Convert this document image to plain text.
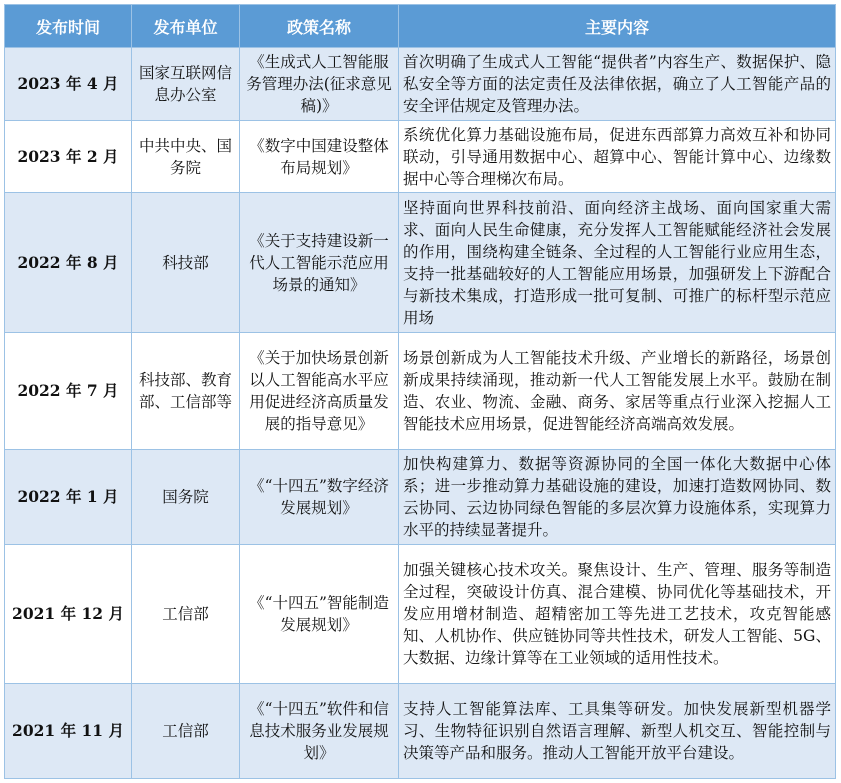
发布时间	发布单位	政策名称	主要内容
2023 年 4 月	国家互联网信息办公室	《生成式人工智能服务管理办法(征求意见稿)》	首次明确了生成式人工智能“提供者”内容生产、数据保护、隐私安全等方面的法定责任及法律依据，确立了人工智能产品的安全评估规定及管理办法。
2023 年 2 月	中共中央、国务院	《数字中国建设整体布局规划》	系统优化算力基础设施布局，促进东西部算力高效互补和协同联动，引导通用数据中心、超算中心、智能计算中心、边缘数据中心等合理梯次布局。
2022 年 8 月	科技部	《关于支持建设新一代人工智能示范应用场景的通知》	坚持面向世界科技前沿、面向经济主战场、面向国家重大需求、面向人民生命健康，充分发挥人工智能赋能经济社会发展的作用，围绕构建全链条、全过程的人工智能行业应用生态，支持一批基础较好的人工智能应用场景，加强研发上下游配合与新技术集成，打造形成一批可复制、可推广的标杆型示范应用场
2022 年 7 月	科技部、教育部、工信部等	《关于加快场景创新以人工智能高水平应用促进经济高质量发展的指导意见》	场景创新成为人工智能技术升级、产业增长的新路径，场景创新成果持续涌现，推动新一代人工智能发展上水平。鼓励在制造、农业、物流、金融、商务、家居等重点行业深入挖掘人工智能技术应用场景，促进智能经济高端高效发展。
2022 年 1 月	国务院	《“十四五”数字经济发展规划》	加快构建算力、数据等资源协同的全国一体化大数据中心体系；进一步推动算力基础设施的建设，加速打造数网协同、数云协同、云边协同绿色智能的多层次算力设施体系，实现算力水平的持续显著提升。
2021 年 12 月	工信部	《“十四五”智能制造发展规划》	加强关键核心技术攻关。聚焦设计、生产、管理、服务等制造全过程，突破设计仿真、混合建模、协同优化等基础技术，开发应用增材制造、超精密加工等先进工艺技术，攻克智能感知、人机协作、供应链协同等共性技术，研发人工智能、5G、大数据、边缘计算等在工业领域的适用性技术。
2021 年 11 月	工信部	《“十四五”软件和信息技术服务业发展规划》	支持人工智能算法库、工具集等研发。加快发展新型机器学习、生物特征识别自然语言理解、新型人机交互、智能控制与决策等产品和服务。推动人工智能开放平台建设。
